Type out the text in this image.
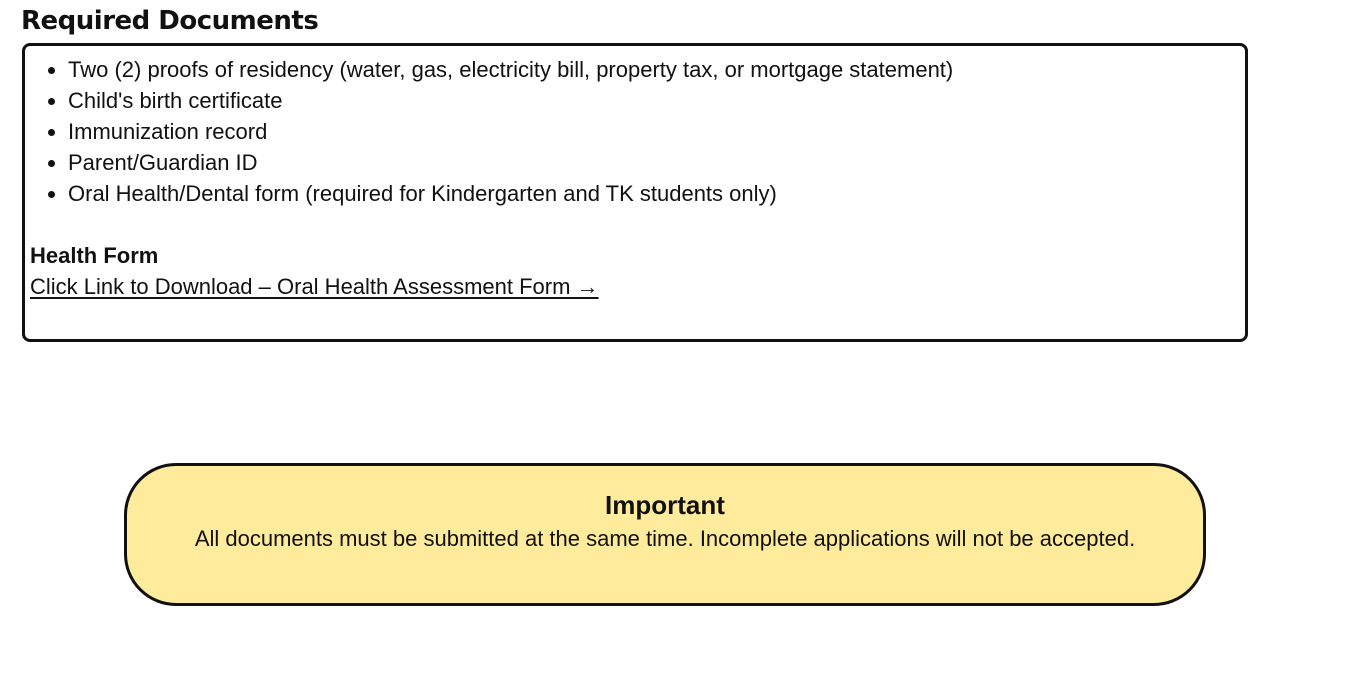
Required Documents
• Two (2) proofs of residency (water, gas, electricity bill, property tax, or mortgage statement)
• Child's birth certificate
• Immunization record
• Parent/Guardian ID
• Oral Health/Dental form (required for Kindergarten and TK students only)

Health Form

Click Link to Download – Oral Health Assessment Form →

Important

All documents must be submitted at the same time. Incomplete applications will not be accepted.
